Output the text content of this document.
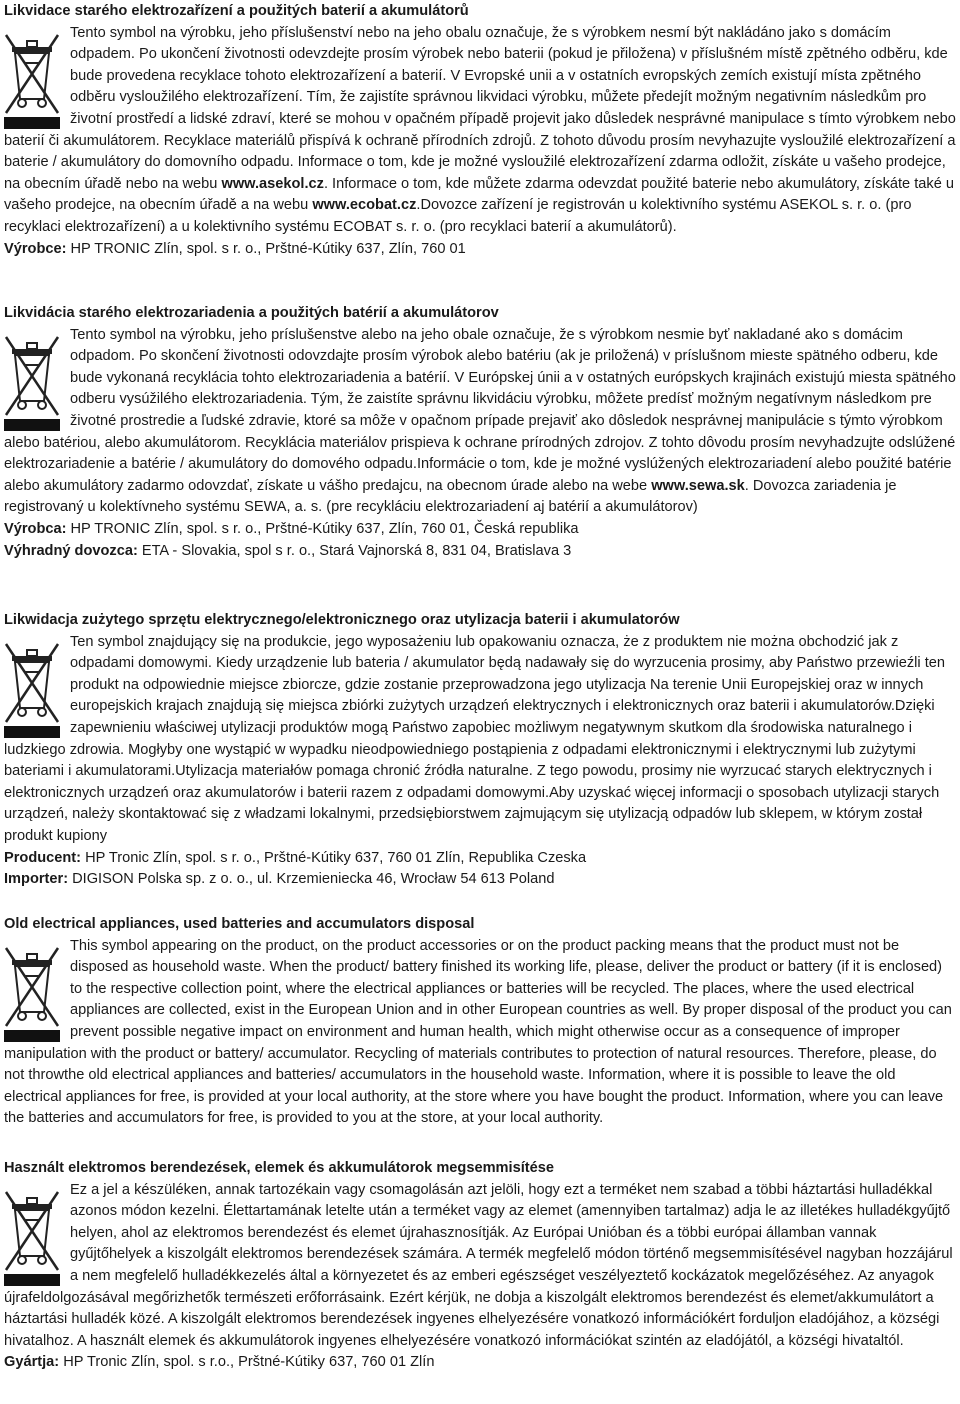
Likvidace starého elektrozařízení a použitých baterií a akumulátorů

Tento symbol na výrobku, jeho příslušenství nebo na jeho obalu označuje, že s výrobkem nesmí být nakládáno jako s domácím odpadem. Po ukončení životnosti odevzdejte prosím výrobek nebo baterii (pokud je přiložena) v příslušném místě zpětného odběru, kde bude provedena recyklace tohoto elektrozařízení a baterií. V Evropské unii a v ostatních evropských zemích existují místa zpětného odběru vysloužilého elektrozařízení. Tím, že zajistíte správnou likvidaci výrobku, můžete předejít možným negativním následkům pro životní prostředí a lidské zdraví, které se mohou v opačném případě projevit jako důsledek nesprávné manipulace s tímto výrobkem nebo baterií či akumulátorem. Recyklace materiálů přispívá k ochraně přírodních zdrojů. Z tohoto důvodu prosím nevyhazujte vysloužilé elektrozařízení a baterie / akumulátory do domovního odpadu. Informace o tom, kde je možné vysloužilé elektrozařízení zdarma odložit, získáte u vašeho prodejce, na obecním úřadě nebo na webu www.asekol.cz. Informace o tom, kde můžete zdarma odevzdat použité baterie nebo akumulátory, získáte také u vašeho prodejce, na obecním úřadě a na webu www.ecobat.cz.Dovozce zařízení je registrován u kolektivního systému ASEKOL s. r. o. (pro recyklaci elektrozařízení) a u kolektivního systému ECOBAT s. r. o. (pro recyklaci baterií a akumulátorů).

Výrobce: HP TRONIC Zlín, spol. s r. o., Prštné-Kútiky 637, Zlín, 760 01

Likvidácia starého elektrozariadenia a použitých batérií a akumulátorov

Tento symbol na výrobku, jeho príslušenstve alebo na jeho obale označuje, že s výrobkom nesmie byť nakladané ako s domácim odpadom. Po skončení životnosti odovzdajte prosím výrobok alebo batériu (ak je priložená) v príslušnom mieste spätného odberu, kde bude vykonaná recyklácia tohto elektrozariadenia a batérií. V Európskej únii a v ostatných európskych krajinách existujú miesta spätného odberu vysúžilého elektrozariadenia. Tým, že zaistíte správnu likvidáciu výrobku, môžete predísť možným negatívnym následkom pre životné prostredie a ľudské zdravie, ktoré sa môže v opačnom prípade prejaviť ako dôsledok nesprávnej manipulácie s týmto výrobkom alebo batériou, alebo akumulátorom. Recyklácia materiálov prispieva k ochrane prírodných zdrojov. Z tohto dôvodu prosím nevyhadzujte odslúžené elektrozariadenie a batérie / akumulátory do domového odpadu.Informácie o tom, kde je možné vyslúžených elektrozariadení alebo použité batérie alebo akumulátory zadarmo odovzdať, získate u vášho predajcu, na obecnom úrade alebo na webe www.sewa.sk. Dovozca zariadenia je registrovaný u kolektívneho systému SEWA, a. s. (pre recykláciu elektrozariadení aj batérií a akumulátorov)

Výrobca: HP TRONIC Zlín, spol. s r. o., Prštné-Kútiky 637, Zlín, 760 01, Česká republika

Výhradný dovozca: ETA - Slovakia, spol s r. o., Stará Vajnorská 8, 831 04, Bratislava 3

Likwidacja zużytego sprzętu elektrycznego/elektronicznego oraz utylizacja baterii i akumulatorów

Ten symbol znajdujący się na produkcie, jego wyposażeniu lub opakowaniu oznacza, że z produktem nie można obchodzić jak z odpadami domowymi. Kiedy urządzenie lub bateria / akumulator będą nadawały się do wyrzucenia prosimy, aby Państwo przewieźli ten produkt na odpowiednie miejsce zbiorcze, gdzie zostanie przeprowadzona jego utylizacja Na terenie Unii Europejskiej oraz w innych europejskich krajach znajdują się miejsca zbiórki zużytych urządzeń elektrycznych i elektronicznych oraz baterii i akumulatorów.Dzięki zapewnieniu właściwej utylizacji produktów mogą Państwo zapobiec możliwym negatywnym skutkom dla środowiska naturalnego i ludzkiego zdrowia. Mogłyby one wystąpić w wypadku nieodpowiedniego postąpienia z odpadami elektronicznymi i elektrycznymi lub zużytymi bateriami i akumulatorami.Utylizacja materiałów pomaga chronić źródła naturalne. Z tego powodu, prosimy nie wyrzucać starych elektrycznych i elektronicznych urządzeń oraz akumulatorów i baterii razem z odpadami domowymi.Aby uzyskać więcej informacji o sposobach utylizacji starych urządzeń, należy skontaktować się z władzami lokalnymi, przedsiębiorstwem zajmującym się utylizacją odpadów lub sklepem, w którym został produkt kupiony

Producent: HP Tronic Zlín, spol. s r. o., Prštné-Kútiky 637, 760 01 Zlín, Republika Czeska

Importer: DIGISON Polska sp. z o. o., ul. Krzemieniecka 46, Wrocław 54 613 Poland

Old electrical appliances, used batteries and accumulators disposal

This symbol appearing on the product, on the product accessories or on the product packing means that the product must not be disposed as household waste. When the product/ battery finished its working life, please, deliver the product or battery (if it is enclosed) to the respective collection point, where the electrical appliances or batteries will be recycled. The places, where the used electrical appliances are collected, exist in the European Union and in other European countries as well. By proper disposal of the product you can prevent possible negative impact on environment and human health, which might otherwise occur as a consequence of improper manipulation with the product or battery/ accumulator. Recycling of materials contributes to protection of natural resources. Therefore, please, do not throwthe old electrical appliances and batteries/ accumulators in the household waste. Information, where it is possible to leave the old electrical appliances for free, is provided at your local authority, at the store where you have bought the product. Information, where you can leave the batteries and accumulators for free, is provided to you at the store, at your local authority.

Használt elektromos berendezések, elemek és akkumulátorok megsemmisítése

Ez a jel a készüléken, annak tartozékain vagy csomagolásán azt jelöli, hogy ezt a terméket nem szabad a többi háztartási hulladékkal azonos módon kezelni. Élettartamának letelte után a terméket vagy az elemet (amennyiben tartalmaz) adja le az illetékes hulladékgyűjtő helyen, ahol az elektromos berendezést és elemet újrahasznosítják. Az Európai Unióban és a többi európai államban vannak gyűjtőhelyek a kiszolgált elektromos berendezések számára. A termék megfelelő módon történő megsemmisítésével nagyban hozzájárul a nem megfelelő hulladékkezelés által a környezetet és az emberi egészséget veszélyeztető kockázatok megelőzéséhez. Az anyagok újrafeldolgozásával megőrizhetők természeti erőforrásaink. Ezért kérjük, ne dobja a kiszolgált elektromos berendezést és elemet/akkumulátort a háztartási hulladék közé. A kiszolgált elektromos berendezések ingyenes elhelyezésére vonatkozó információkért forduljon eladójához, a községi hivatalhoz. A használt elemek és akkumulátorok ingyenes elhelyezésére vonatkozó információkat szintén az eladójától, a községi hivataltól.

Gyártja: HP Tronic Zlín, spol. s r.o., Prštné-Kútiky 637, 760 01 Zlín
